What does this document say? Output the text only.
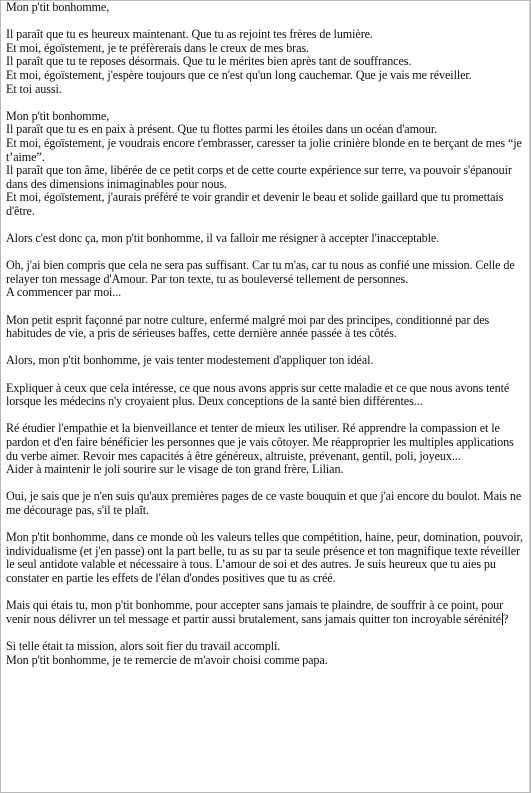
Mon p'tit bonhomme,

Il paraît que tu es heureux maintenant. Que tu as rejoint tes frères de lumière.
Et moi, égoïstement, je te préfèrerais dans le creux de mes bras.
Il paraît que tu te reposes désormais. Que tu le mérites bien après tant de souffrances.
Et moi, égoïstement, j'espère toujours que ce n'est qu'un long cauchemar. Que je vais me réveiller.
Et toi aussi.

Mon p'tit bonhomme,
Il paraît que tu es en paix à présent. Que tu flottes parmi les étoiles dans un océan d'amour.
Et moi, égoïstement, je voudrais encore t'embrasser, caresser ta jolie crinière blonde en te berçant de mes “je t’aime”.
Il paraît que ton âme, libérée de ce petit corps et de cette courte expérience sur terre, va pouvoir s'épanouir dans des dimensions inimaginables pour nous.
Et moi, égoïstement, j'aurais préféré te voir grandir et devenir le beau et solide gaillard que tu promettais d'être.

Alors c'est donc ça, mon p'tit bonhomme, il va falloir me résigner à accepter l'inacceptable.

Oh, j'ai bien compris que cela ne sera pas suffisant. Car tu m'as, car tu nous as confié une mission. Celle de relayer ton message d'Amour. Par ton texte, tu as bouleversé tellement de personnes.
A commencer par moi...

Mon petit esprit façonné par notre culture, enfermé malgré moi par des principes, conditionné par des habitudes de vie, a pris de sérieuses baffes, cette dernière année passée à tes côtés.

Alors, mon p'tit bonhomme, je vais tenter modestement d'appliquer ton idéal.

Expliquer à ceux que cela intéresse, ce que nous avons appris sur cette maladie et ce que nous avons tenté lorsque les médecins n'y croyaient plus. Deux conceptions de la santé bien différentes...

Ré étudier l'empathie et la bienveillance et tenter de mieux les utiliser. Ré apprendre la compassion et le pardon et d'en faire bénéficier les personnes que je vais côtoyer. Me réapproprier les multiples applications du verbe aimer. Revoir mes capacités à être généreux, altruiste, prévenant, gentil, poli, joyeux...
Aider à maintenir le joli sourire sur le visage de ton grand frère, Lilian.

Oui, je sais que je n'en suis qu'aux premières pages de ce vaste bouquin et que j'ai encore du boulot. Mais ne me décourage pas, s'il te plaît.

Mon p'tit bonhomme, dans ce monde où les valeurs telles que compétition, haine, peur, domination, pouvoir, individualisme (et j'en passe) ont la part belle, tu as su par ta seule présence et ton magnifique texte réveiller le seul antidote valable et nécessaire à tous. L’amour de soi et des autres. Je suis heureux que tu aies pu constater en partie les effets de l'élan d'ondes positives que tu as créé.

Mais qui étais tu, mon p'tit bonhomme, pour accepter sans jamais te plaindre, de souffrir à ce point, pour venir nous délivrer un tel message et partir aussi brutalement, sans jamais quitter ton incroyable sérénité ?

Si telle était ta mission, alors soit fier du travail accompli.
Mon p'tit bonhomme, je te remercie de m'avoir choisi comme papa.
